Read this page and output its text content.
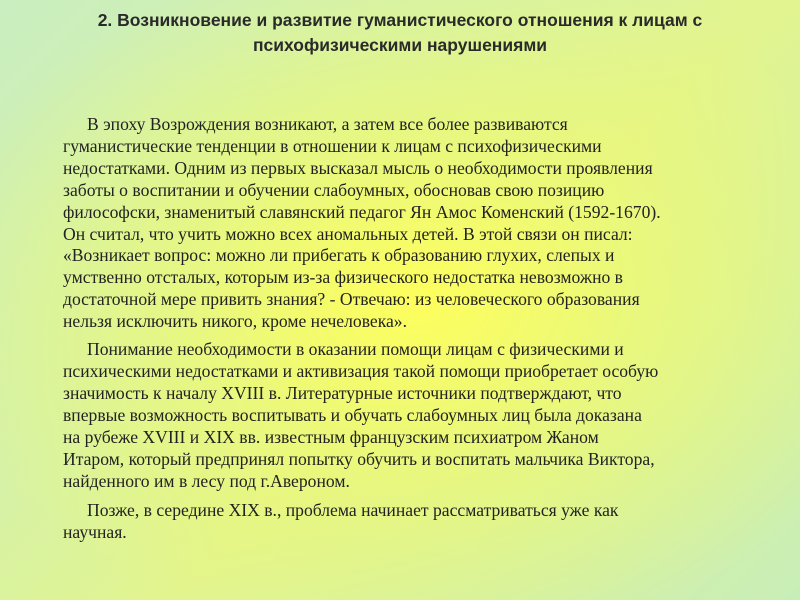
2. Возникновение и развитие гуманистического отношения к лицам с
психофизическими нарушениями
В эпоху Возрождения возникают, а затем все более развиваются
гуманистические тенденции в отношении к лицам с психофизическими
недостатками. Одним из первых высказал мысль о необходимости проявления
заботы о воспитании и обучении слабоумных, обосновав свою позицию
философски, знаменитый славянский педагог Ян Амос Коменский (1592-1670).
Он считал, что учить можно всех аномальных детей. В этой связи он писал:
«Возникает вопрос: можно ли прибегать к образованию глухих, слепых и
умственно отсталых, которым из-за физического недостатка невозможно в
достаточной мере привить знания? - Отвечаю: из человеческого образования
нельзя исключить никого, кроме нечеловека».
Понимание необходимости в оказании помощи лицам с физическими и
психическими недостатками и активизация такой помощи приобретает особую
значимость к началу XVIII в. Литературные источники подтверждают, что
впервые возможность воспитывать и обучать слабоумных лиц была доказана
на рубеже XVIII и XIX вв. известным французским психиатром Жаном
Итаром, который предпринял попытку обучить и воспитать мальчика Виктора,
найденного им в лесу под г.Авероном.
Позже, в середине XIX в., проблема начинает рассматриваться уже как
научная.
